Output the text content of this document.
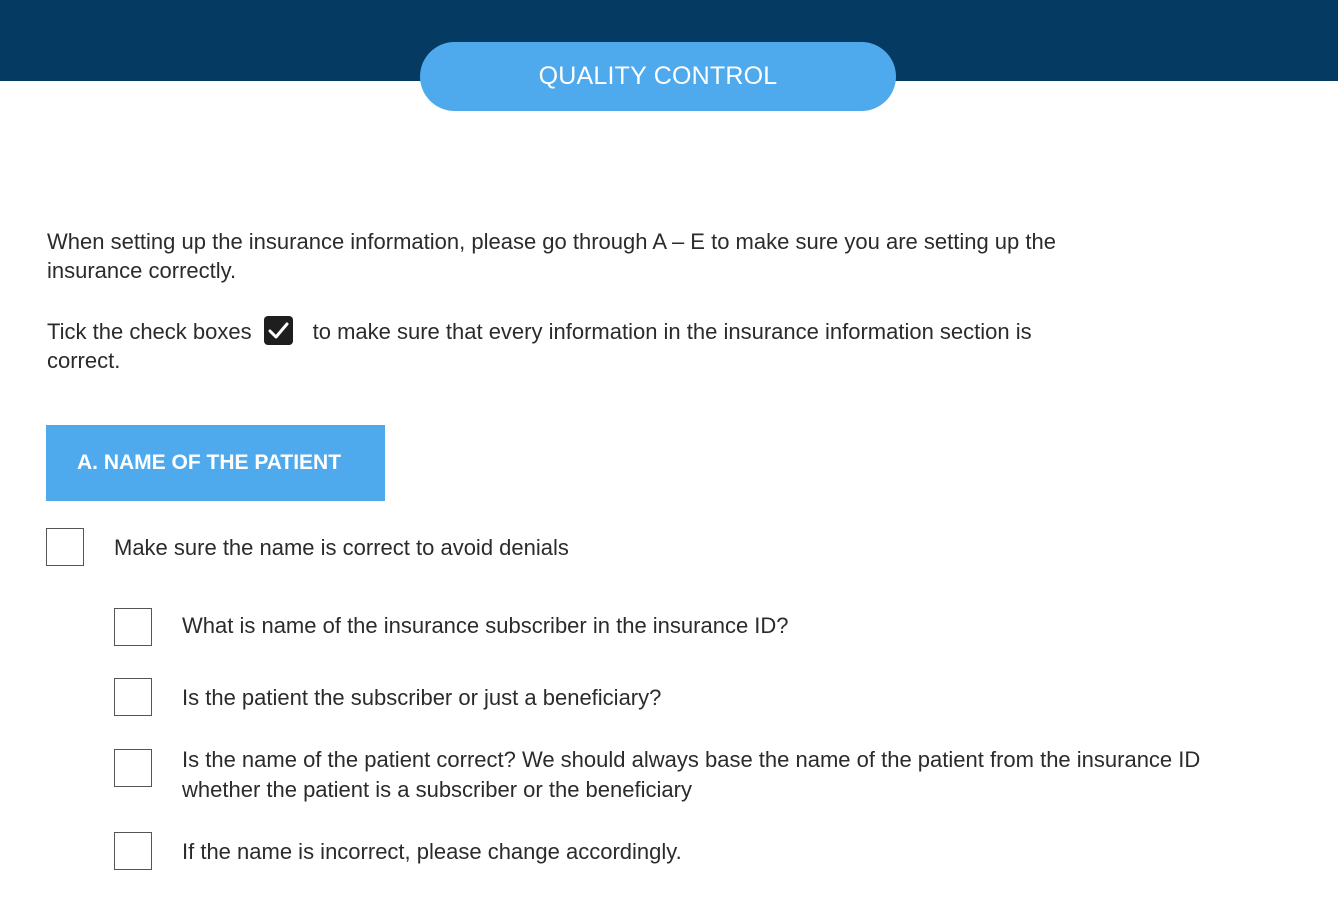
QUALITY CONTROL
When setting up the insurance information, please go through A – E to make sure you are setting up the insurance correctly.
Tick the check boxes	to make sure that every information in the insurance information section is correct.
A. NAME OF THE PATIENT
Make sure the name is correct to avoid denials
What is name of the insurance subscriber in the insurance ID?
Is the patient the subscriber or just a beneficiary?
Is the name of the patient correct? We should always base the name of the patient from the insurance ID whether the patient is a subscriber or the beneficiary
If the name is incorrect, please change accordingly.
